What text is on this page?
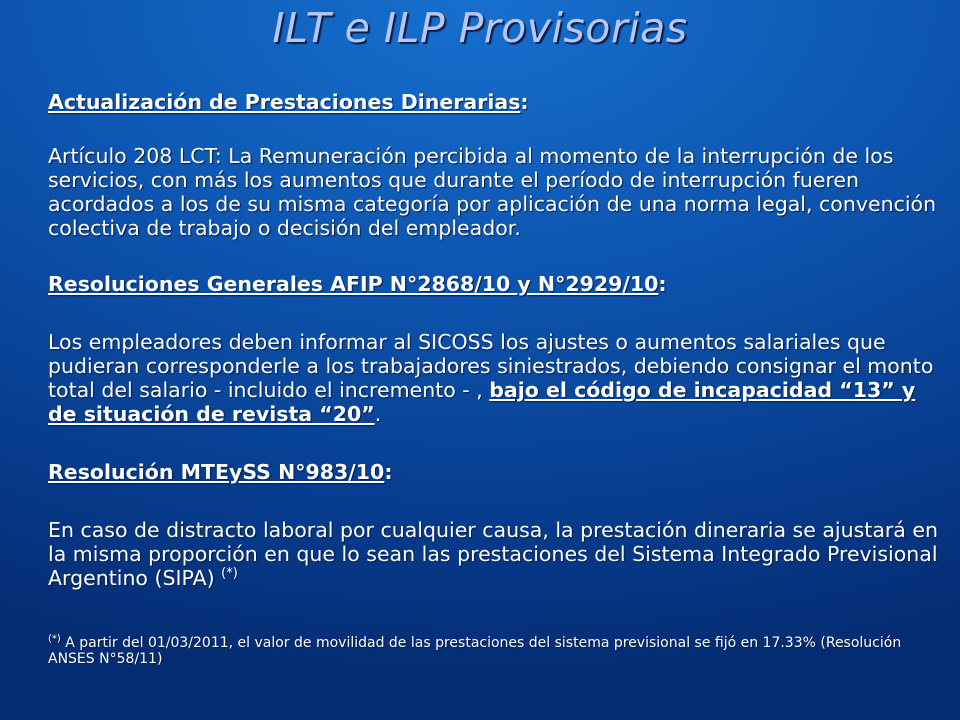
ILT e ILP Provisorias

Actualización de Prestaciones Dinerarias:

Artículo 208 LCT: La Remuneración percibida al momento de la interrupción de los servicios, con más los aumentos que durante el período de interrupción fueren acordados a los de su misma categoría por aplicación de una norma legal, convención colectiva de trabajo o decisión del empleador.

Resoluciones Generales AFIP N°2868/10 y N°2929/10:

Los empleadores deben informar al SICOSS los ajustes o aumentos salariales que pudieran corresponderle a los trabajadores siniestrados, debiendo consignar el monto total del salario - incluido el incremento - , bajo el código de incapacidad “13” y de situación de revista “20”.

Resolución MTEySS N°983/10:

En caso de distracto laboral por cualquier causa, la prestación dineraria se ajustará en la misma proporción en que lo sean las prestaciones del Sistema Integrado Previsional Argentino (SIPA) (*)

(*) A partir del 01/03/2011, el valor de movilidad de las prestaciones del sistema previsional se fijó en 17.33% (Resolución ANSES N°58/11)
